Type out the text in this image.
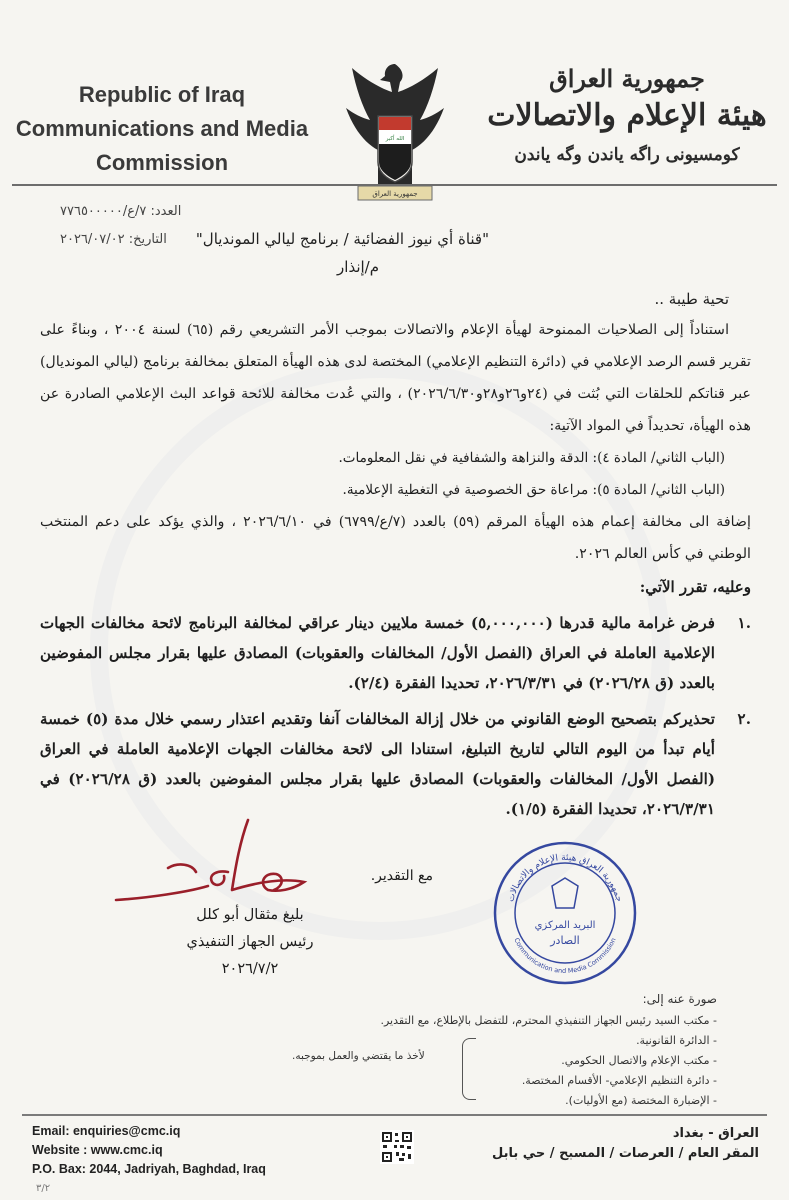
Republic of Iraq
Communications and Media
Commission
الله أكبر
جمهورية العراق
جمهورية العراق
هيئة الإعلام والاتصالات
كومسيونى راگه ياندن وگه ياندن
العدد: ٧/ع/٧٧٦٥٠٠٠٠٠
التاريخ: ٢٠٢٦/٠٧/٠٢ "قناة أي نيوز الفضائية / برنامج ليالي المونديال"
م/إنذار
تحية طيبة ..
استناداً إلى الصلاحيات الممنوحة لهيأة الإعلام والاتصالات بموجب الأمر التشريعي رقم (٦٥) لسنة ٢٠٠٤ ، وبناءً على تقرير قسم الرصد الإعلامي في (دائرة التنظيم الإعلامي) المختصة لدى هذه الهيأة المتعلق بمخالفة برنامج (ليالي المونديال) عبر قناتكم للحلقات التي بُثت في (٢٤و٢٦و٢٨و٢٠٢٦/٦/٣٠) ، والتي عُدت مخالفة للائحة قواعد البث الإعلامي الصادرة عن هذه الهيأة، تحديداً في المواد الآتية:
(الباب الثاني/ المادة ٤): الدقة والنزاهة والشفافية في نقل المعلومات.
(الباب الثاني/ المادة ٥): مراعاة حق الخصوصية في التغطية الإعلامية.
إضافة الى مخالفة إعمام هذه الهيأة المرقم (٥٩) بالعدد (٧/ع/٦٧٩٩) في ٢٠٢٦/٦/١٠ ، والذي يؤكد على دعم المنتخب الوطني في كأس العالم ٢٠٢٦.
وعليه، تقرر الآتي:
.١
فرض غرامة مالية قدرها (٥,٠٠٠,٠٠٠) خمسة ملايين دينار عراقي لمخالفة البرنامج لائحة مخالفات الجهات الإعلامية العاملة في العراق (الفصل الأول/ المخالفات والعقوبات) المصادق عليها بقرار مجلس المفوضين بالعدد (ق ٢٠٢٦/٢٨) في ٢٠٢٦/٣/٣١، تحديدا الفقرة (٢/٤).
.٢
تحذيركم بتصحيح الوضع القانوني من خلال إزالة المخالفات آنفا وتقديم اعتذار رسمي خلال مدة (٥) خمسة أيام تبدأ من اليوم التالي لتاريخ التبليغ، استنادا الى لائحة مخالفات الجهات الإعلامية العاملة في العراق (الفصل الأول/ المخالفات والعقوبات) المصادق عليها بقرار مجلس المفوضين بالعدد (ق ٢٠٢٦/٢٨) في ٢٠٢٦/٣/٣١، تحديدا الفقرة (١/٥).
مع التقدير.
بليغ مثقال أبو كلل
رئيس الجهاز التنفيذي
٢٠٢٦/٧/٢
جمهورية العراق هيئة الإعلام والاتصالات
Communication and Media Commission
البريد المركزي
الصادر
صورة عنه إلى:
- مكتب السيد رئيس الجهاز التنفيذي المحترم، للتفضل بالإطلاع، مع التقدير.
- الدائرة القانونية.
- مكتب الإعلام والاتصال الحكومي.
- دائرة التنظيم الإعلامي- الأقسام المختصة.
- الإضبارة المختصة (مع الأوليات).
لأخذ ما يقتضي والعمل بموجبه.
Email: enquiries@cmc.iq
Website : www.cmc.iq
P.O. Bax: 2044, Jadriyah, Baghdad, Iraq
العراق - بغداد
المقر العام / العرصات / المسبح / حي بابل
٣/٢
